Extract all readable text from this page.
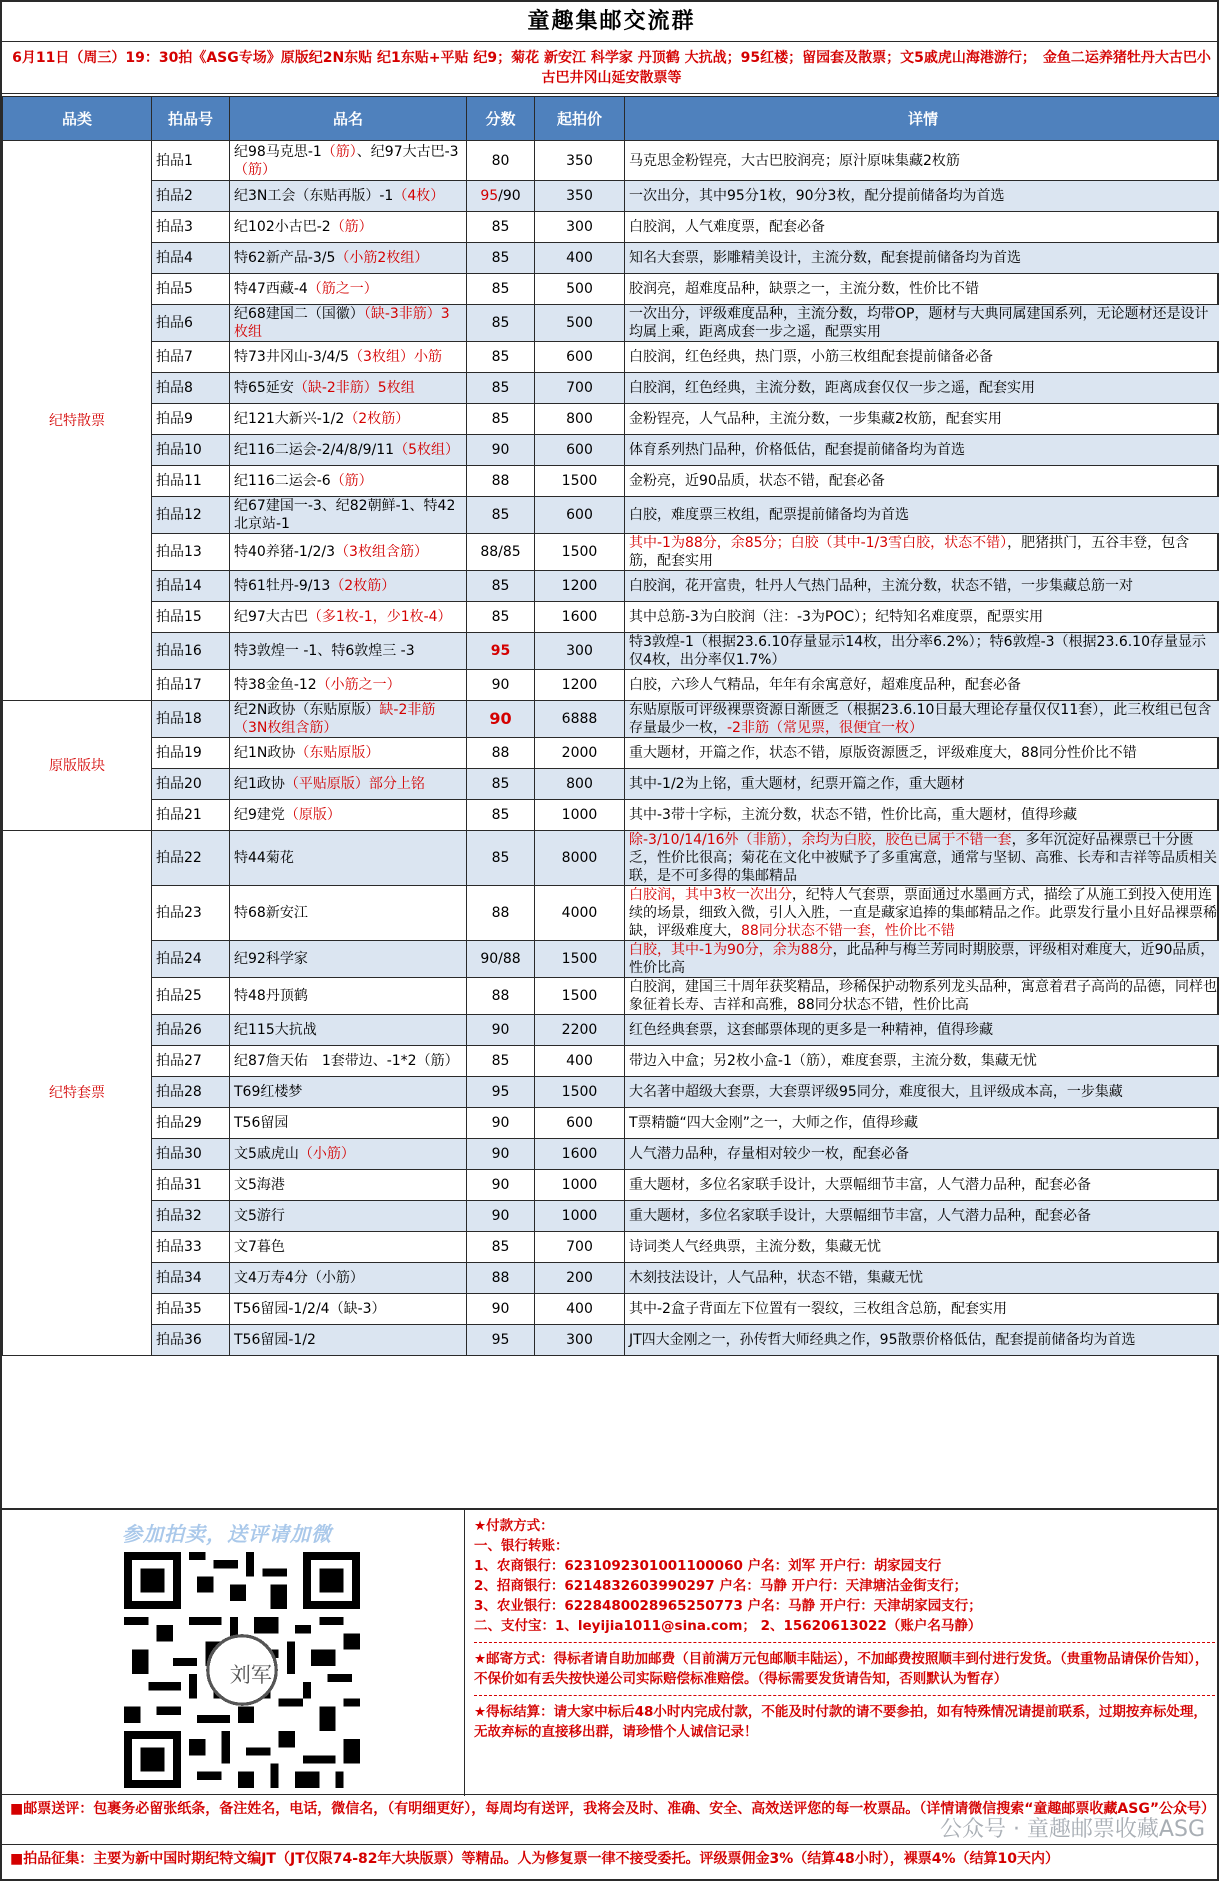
童趣集邮交流群
6月11日（周三）19：30拍《ASG专场》原版纪2N东贴 纪1东贴+平贴 纪9；菊花 新安江 科学家 丹顶鹤 大抗战；95红楼；留园套及散票；文5戚虎山海港游行；　金鱼二运养猪牡丹大古巴小古巴井冈山延安散票等
品类	拍品号	品名	分数	起拍价	详情
纪特散票	拍品1	纪98马克思-1（筋）、纪97大古巴-3（筋）	80	350	马克思金粉锃亮，大古巴胶润亮；原汁原味集藏2枚筋
	拍品2	纪3N工会（东贴再版）-1（4枚）	95/90	350	一次出分，其中95分1枚，90分3枚，配分提前储备均为首选
	拍品3	纪102小古巴-2（筋）	85	300	白胶润，人气难度票，配套必备
	拍品4	特62新产品-3/5（小筋2枚组）	85	400	知名大套票，影雕精美设计，主流分数，配套提前储备均为首选
	拍品5	特47西藏-4（筋之一）	85	500	胶润亮，超难度品种，缺票之一，主流分数，性价比不错
	拍品6	纪68建国二（国徽）（缺-3非筋）3枚组	85	500	一次出分，评级难度品种，主流分数，均带OP，题材与大典同属建国系列，无论题材还是设计均属上乘，距离成套一步之遥，配票实用
	拍品7	特73井冈山-3/4/5（3枚组）小筋	85	600	白胶润，红色经典，热门票，小筋三枚组配套提前储备必备
	拍品8	特65延安（缺-2非筋）5枚组	85	700	白胶润，红色经典，主流分数，距离成套仅仅一步之遥，配套实用
	拍品9	纪121大新兴-1/2（2枚筋）	85	800	金粉锃亮，人气品种，主流分数，一步集藏2枚筋，配套实用
	拍品10	纪116二运会-2/4/8/9/11（5枚组）	90	600	体育系列热门品种，价格低估，配套提前储备均为首选
	拍品11	纪116二运会-6（筋）	88	1500	金粉亮，近90品质，状态不错，配套必备
	拍品12	纪67建国一-3、纪82朝鲜-1、特42北京站-1	85	600	白胶，难度票三枚组，配票提前储备均为首选
	拍品13	特40养猪-1/2/3（3枚组含筋）	88/85	1500	其中-1为88分，余85分；白胶（其中-1/3雪白胶，状态不错），肥猪拱门，五谷丰登，包含筋，配套实用
	拍品14	特61牡丹-9/13（2枚筋）	85	1200	白胶润，花开富贵，牡丹人气热门品种，主流分数，状态不错，一步集藏总筋一对
	拍品15	纪97大古巴（多1枚-1，少1枚-4）	85	1600	其中总筋-3为白胶润（注：-3为POC）；纪特知名难度票，配票实用
	拍品16	特3敦煌一 -1、特6敦煌三 -3	95	300	特3敦煌-1（根据23.6.10存量显示14枚，出分率6.2%）；特6敦煌-3（根据23.6.10存量显示仅4枚，出分率仅1.7%）
	拍品17	特38金鱼-12（小筋之一）	90	1200	白胶，六珍人气精品，年年有余寓意好，超难度品种，配套必备
原版版块	拍品18	纪2N政协（东贴原版）缺-2非筋（3N枚组含筋）	90	6888	东贴原版可评级裸票资源日渐匮乏（根据23.6.10日最大理论存量仅仅11套），此三枚组已包含存量最少一枚，-2非筋（常见票，很便宜一枚）
	拍品19	纪1N政协（东贴原版）	88	2000	重大题材，开篇之作，状态不错，原版资源匮乏，评级难度大，88同分性价比不错
	拍品20	纪1政协（平贴原版）部分上铭	85	800	其中-1/2为上铭，重大题材，纪票开篇之作，重大题材
	拍品21	纪9建党（原版）	85	1000	其中-3带十字标，主流分数，状态不错，性价比高，重大题材，值得珍藏
纪特套票	拍品22	特44菊花	85	8000	除-3/10/14/16外（非筋），余均为白胶，胶色已属于不错一套，多年沉淀好品裸票已十分匮乏，性价比很高；菊花在文化中被赋予了多重寓意，通常与坚韧、高雅、长寿和吉祥等品质相关联，是不可多得的集邮精品
	拍品23	特68新安江	88	4000	白胶润，其中3枚一次出分，纪特人气套票，票面通过水墨画方式，描绘了从施工到投入使用连续的场景，细致入微，引人入胜，一直是藏家追捧的集邮精品之作。此票发行量小且好品裸票稀缺，评级难度大，88同分状态不错一套，性价比不错
	拍品24	纪92科学家	90/88	1500	白胶，其中-1为90分，余为88分，此品种与梅兰芳同时期胶票，评级相对难度大，近90品质，性价比高
	拍品25	特48丹顶鹤	88	1500	白胶润，建国三十周年获奖精品，珍稀保护动物系列龙头品种，寓意着君子高尚的品德，同样也象征着长寿、吉祥和高雅，88同分状态不错，性价比高
	拍品26	纪115大抗战	90	2200	红色经典套票，这套邮票体现的更多是一种精神，值得珍藏
	拍品27	纪87詹天佑　1套带边、-1*2（筋）	85	400	带边入中盒；另2枚小盒-1（筋），难度套票，主流分数，集藏无忧
	拍品28	T69红楼梦	95	1500	大名著中超级大套票，大套票评级95同分，难度很大，且评级成本高，一步集藏
	拍品29	T56留园	90	600	T票精髓“四大金刚”之一，大师之作，值得珍藏
	拍品30	文5戚虎山（小筋）	90	1600	人气潜力品种，存量相对较少一枚，配套必备
	拍品31	文5海港	90	1000	重大题材，多位名家联手设计，大票幅细节丰富，人气潜力品种，配套必备
	拍品32	文5游行	90	1000	重大题材，多位名家联手设计，大票幅细节丰富，人气潜力品种，配套必备
	拍品33	文7暮色	85	700	诗词类人气经典票，主流分数，集藏无忧
	拍品34	文4万寿4分（小筋）	88	200	木刻技法设计，人气品种，状态不错，集藏无忧
	拍品35	T56留园-1/2/4（缺-3）	90	400	其中-2盒子背面左下位置有一裂纹，三枚组含总筋，配套实用
	拍品36	T56留园-1/2	95	300	JT四大金刚之一，孙传哲大师经典之作，95散票价格低估，配套提前储备均为首选
参加拍卖，送评请加微
刘军
★付款方式：
一、银行转账：
1、农商银行：6231092301001100060 户名：刘军 开户行：胡家园支行
2、招商银行：6214832603990297 户名：马静 开户行：天津塘沽金街支行；
3、农业银行：6228480028965250773 户名：马静 开户行：天津胡家园支行；
二、支付宝：1、leyijia1011@sina.com； 2、15620613022（账户名马静）
★邮寄方式：得标者请自助加邮费（目前满万元包邮顺丰陆运），不加邮费按照顺丰到付进行发货。（贵重物品请保价告知），不保价如有丢失按快递公司实际赔偿标准赔偿。（得标需要发货请告知，否则默认为暂存）
★得标结算：请大家中标后48小时内完成付款，不能及时付款的请不要参拍，如有特殊情况请提前联系，过期按弃标处理，无故弃标的直接移出群，请珍惜个人诚信记录！
■邮票送评：包裹务必留张纸条，备注姓名，电话，微信名，（有明细更好），每周均有送评，我将会及时、准确、安全、高效送评您的每一枚票品。（详情请微信搜索“童趣邮票收藏ASG”公众号）
■拍品征集：主要为新中国时期纪特文编JT（JT仅限74-82年大块版票）等精品。人为修复票一律不接受委托。评级票佣金3%（结算48小时），裸票4%（结算10天内）
公众号 · 童趣邮票收藏ASG
